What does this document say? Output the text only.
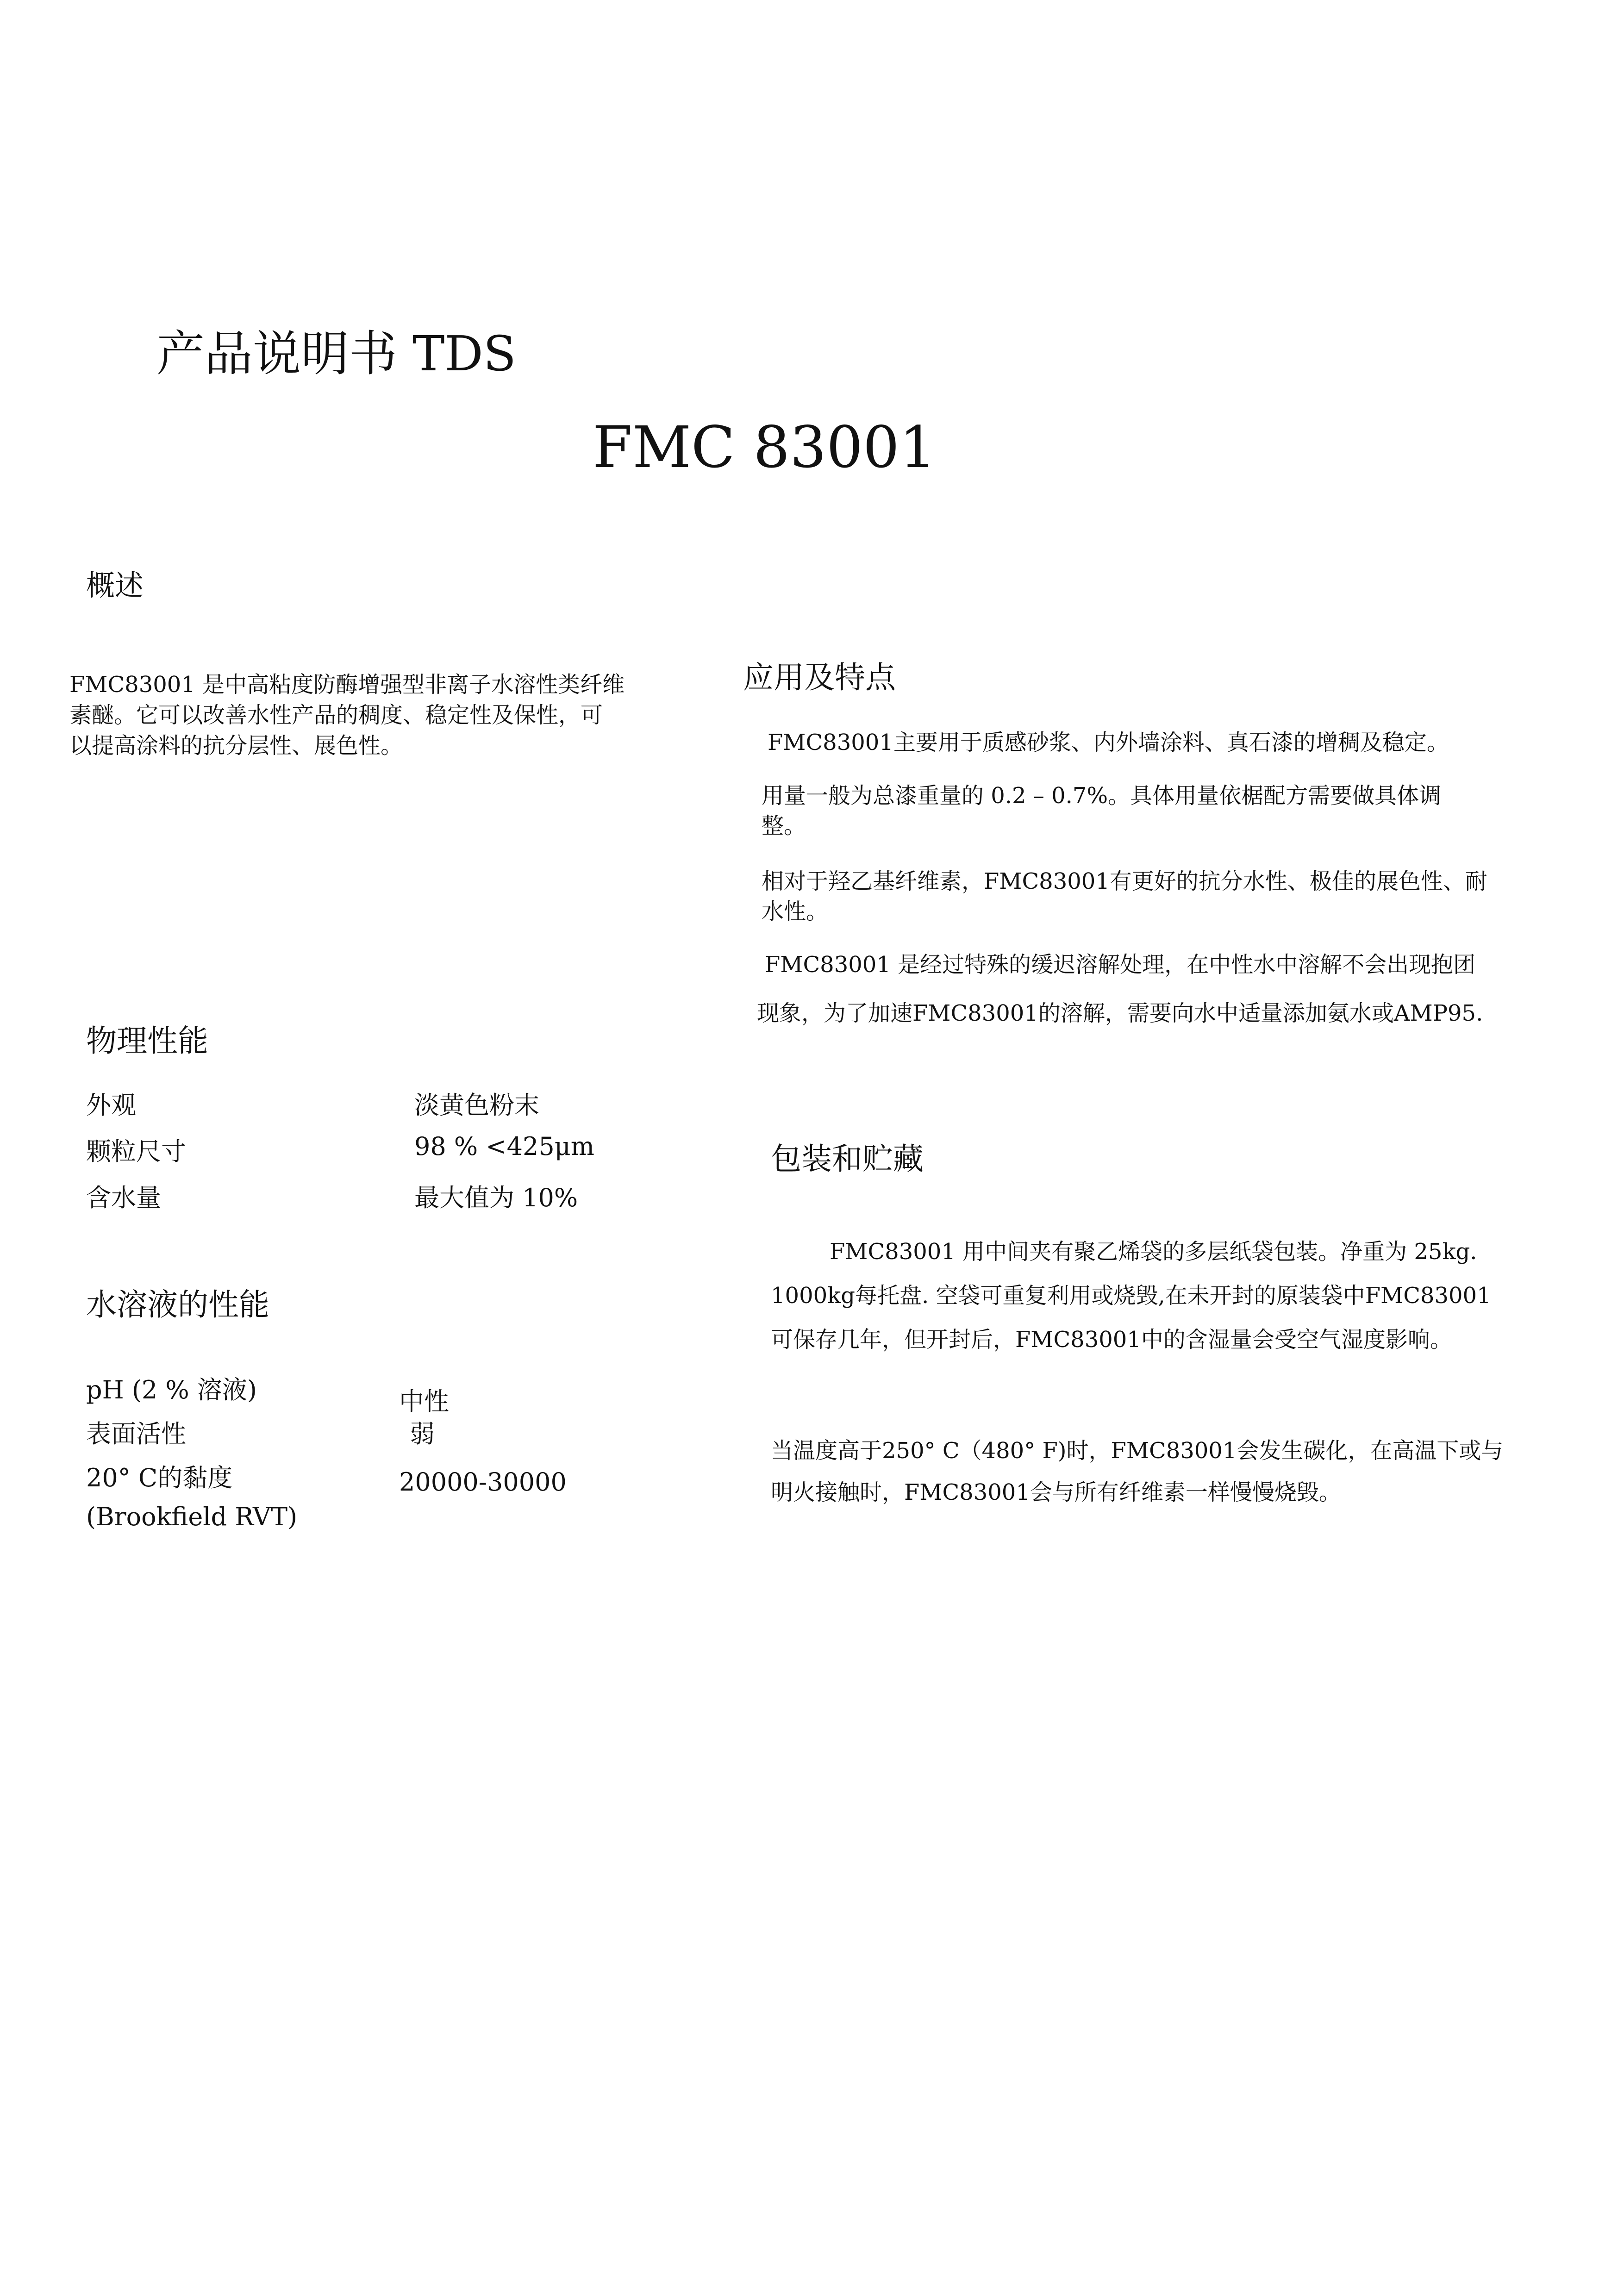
产品说明书 TDS
FMC 83001
概述
FMC83001 是中高粘度防酶增强型非离子水溶性类纤维
素醚。它可以改善水性产品的稠度、稳定性及保性，可
以提高涂料的抗分层性、展色性。
应用及特点
FMC83001主要用于质感砂浆、内外墙涂料、真石漆的增稠及稳定。
用量一般为总漆重量的 0.2 – 0.7%。具体用量依椐配方需要做具体调
整。
相对于羟乙基纤维素，FMC83001有更好的抗分水性、极佳的展色性、耐
水性。
FMC83001 是经过特殊的缓迟溶解处理，在中性水中溶解不会出现抱团
现象，为了加速FMC83001的溶解，需要向水中适量添加氨水或AMP95.
物理性能
外观	淡黄色粉末
颗粒尺寸	98 % <425μm
含水量	最大值为 10%
水溶液的性能
pH (2 % 溶液)	中性
表面活性	弱
20° C的黏度	20000-30000
(Brookfield RVT)
包装和贮藏
FMC83001 用中间夹有聚乙烯袋的多层纸袋包装。净重为 25kg.
1000kg每托盘. 空袋可重复利用或烧毁,在未开封的原装袋中FMC83001
可保存几年，但开封后，FMC83001中的含湿量会受空气湿度影响。
当温度高于250° C（480° F)时，FMC83001会发生碳化，在高温下或与
明火接触时，FMC83001会与所有纤维素一样慢慢烧毁。
